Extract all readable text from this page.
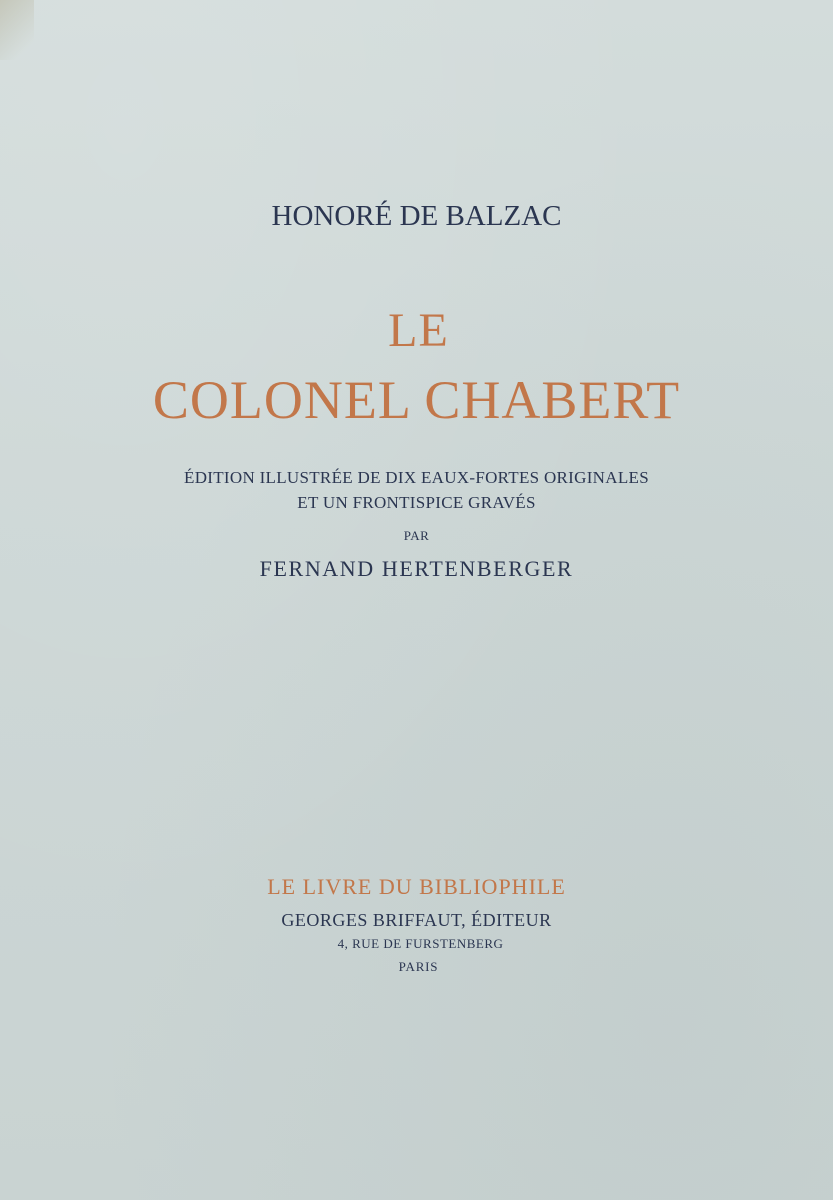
HONORÉ DE BALZAC

LE

COLONEL CHABERT

ÉDITION ILLUSTRÉE DE DIX EAUX-FORTES ORIGINALES

ET UN FRONTISPICE GRAVÉS

PAR

FERNAND HERTENBERGER

LE LIVRE DU BIBLIOPHILE

GEORGES BRIFFAUT, ÉDITEUR

4, RUE DE FURSTENBERG

PARIS
